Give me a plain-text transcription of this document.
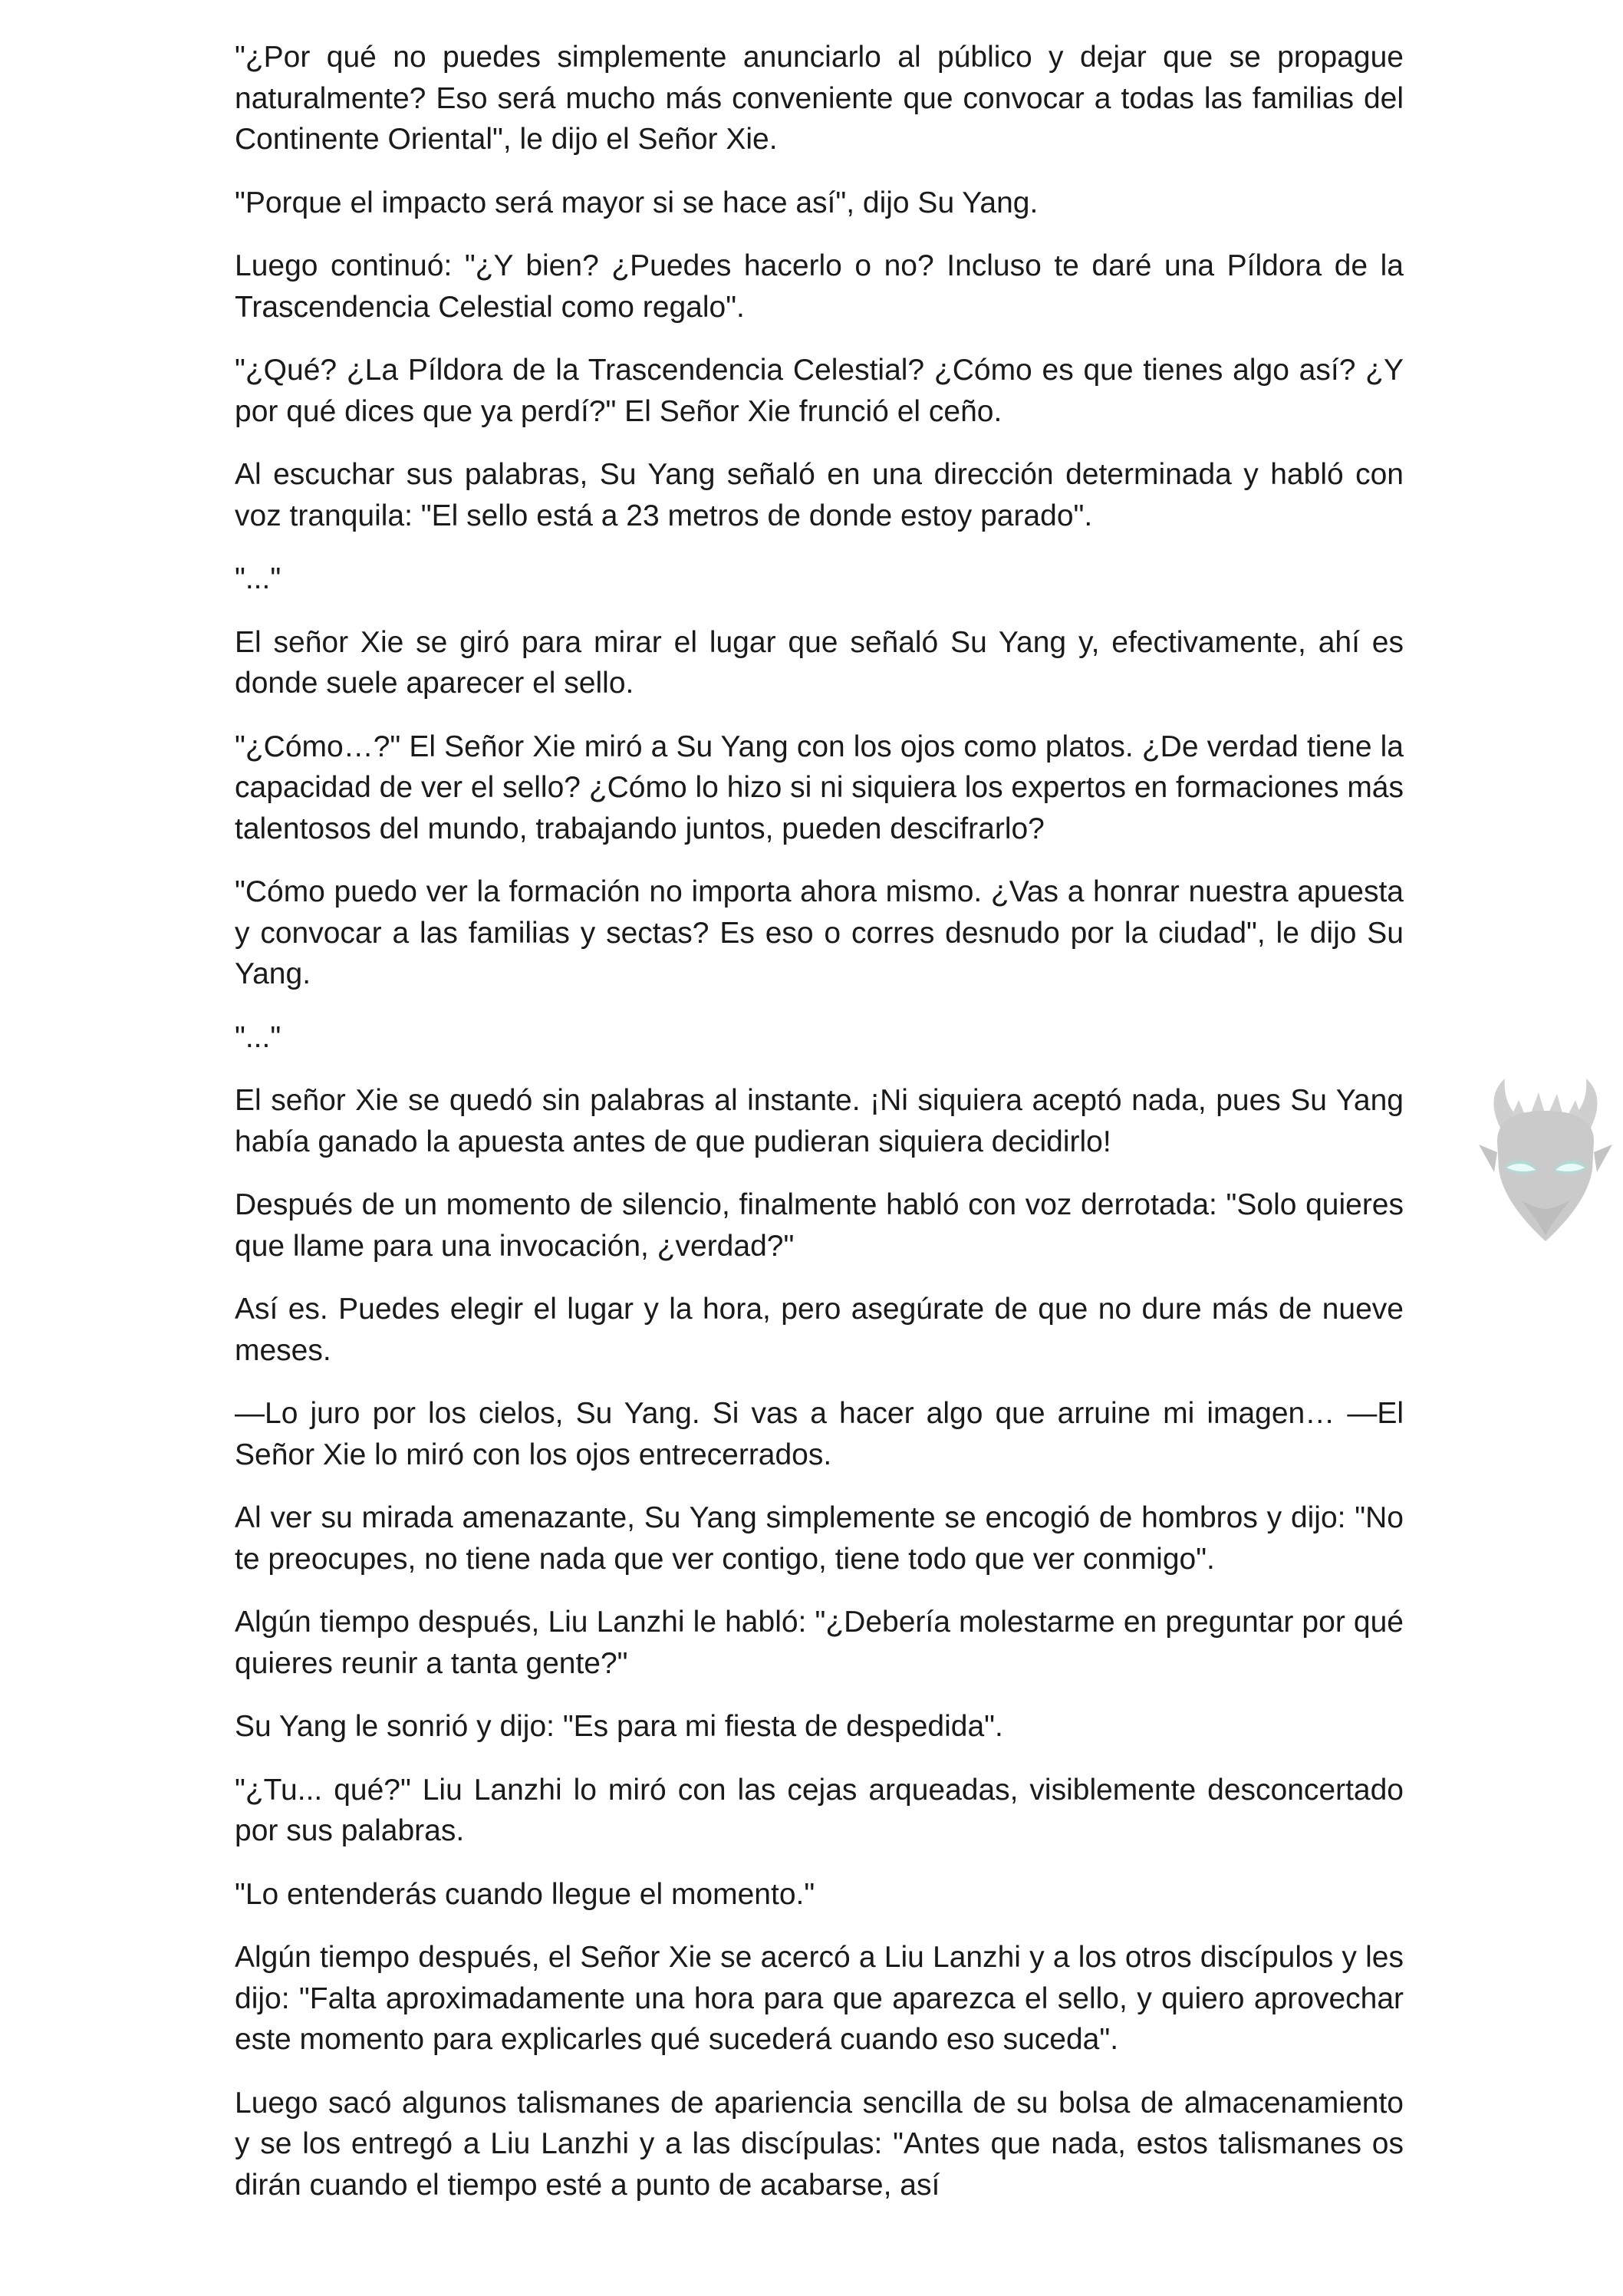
"¿Por qué no puedes simplemente anunciarlo al público y dejar que se propague naturalmente? Eso será mucho más conveniente que convocar a todas las familias del Continente Oriental", le dijo el Señor Xie.

"Porque el impacto será mayor si se hace así", dijo Su Yang.

Luego continuó: "¿Y bien? ¿Puedes hacerlo o no? Incluso te daré una Píldora de la Trascendencia Celestial como regalo".

"¿Qué? ¿La Píldora de la Trascendencia Celestial? ¿Cómo es que tienes algo así? ¿Y por qué dices que ya perdí?" El Señor Xie frunció el ceño.

Al escuchar sus palabras, Su Yang señaló en una dirección determinada y habló con voz tranquila: "El sello está a 23 metros de donde estoy parado".

"..."

El señor Xie se giró para mirar el lugar que señaló Su Yang y, efectivamente, ahí es donde suele aparecer el sello.

"¿Cómo…?" El Señor Xie miró a Su Yang con los ojos como platos. ¿De verdad tiene la capacidad de ver el sello? ¿Cómo lo hizo si ni siquiera los expertos en formaciones más talentosos del mundo, trabajando juntos, pueden descifrarlo?

"Cómo puedo ver la formación no importa ahora mismo. ¿Vas a honrar nuestra apuesta y convocar a las familias y sectas? Es eso o corres desnudo por la ciudad", le dijo Su Yang.

"..."

El señor Xie se quedó sin palabras al instante. ¡Ni siquiera aceptó nada, pues Su Yang había ganado la apuesta antes de que pudieran siquiera decidirlo!

Después de un momento de silencio, finalmente habló con voz derrotada: "Solo quieres que llame para una invocación, ¿verdad?"

Así es. Puedes elegir el lugar y la hora, pero asegúrate de que no dure más de nueve meses.

—Lo juro por los cielos, Su Yang. Si vas a hacer algo que arruine mi imagen… —El Señor Xie lo miró con los ojos entrecerrados.

Al ver su mirada amenazante, Su Yang simplemente se encogió de hombros y dijo: "No te preocupes, no tiene nada que ver contigo, tiene todo que ver conmigo".

Algún tiempo después, Liu Lanzhi le habló: "¿Debería molestarme en preguntar por qué quieres reunir a tanta gente?"

Su Yang le sonrió y dijo: "Es para mi fiesta de despedida".

"¿Tu... qué?" Liu Lanzhi lo miró con las cejas arqueadas, visiblemente desconcertado por sus palabras.

"Lo entenderás cuando llegue el momento."

Algún tiempo después, el Señor Xie se acercó a Liu Lanzhi y a los otros discípulos y les dijo: "Falta aproximadamente una hora para que aparezca el sello, y quiero aprovechar este momento para explicarles qué sucederá cuando eso suceda".

Luego sacó algunos talismanes de apariencia sencilla de su bolsa de almacenamiento y se los entregó a Liu Lanzhi y a las discípulas: "Antes que nada, estos talismanes os dirán cuando el tiempo esté a punto de acabarse, así
